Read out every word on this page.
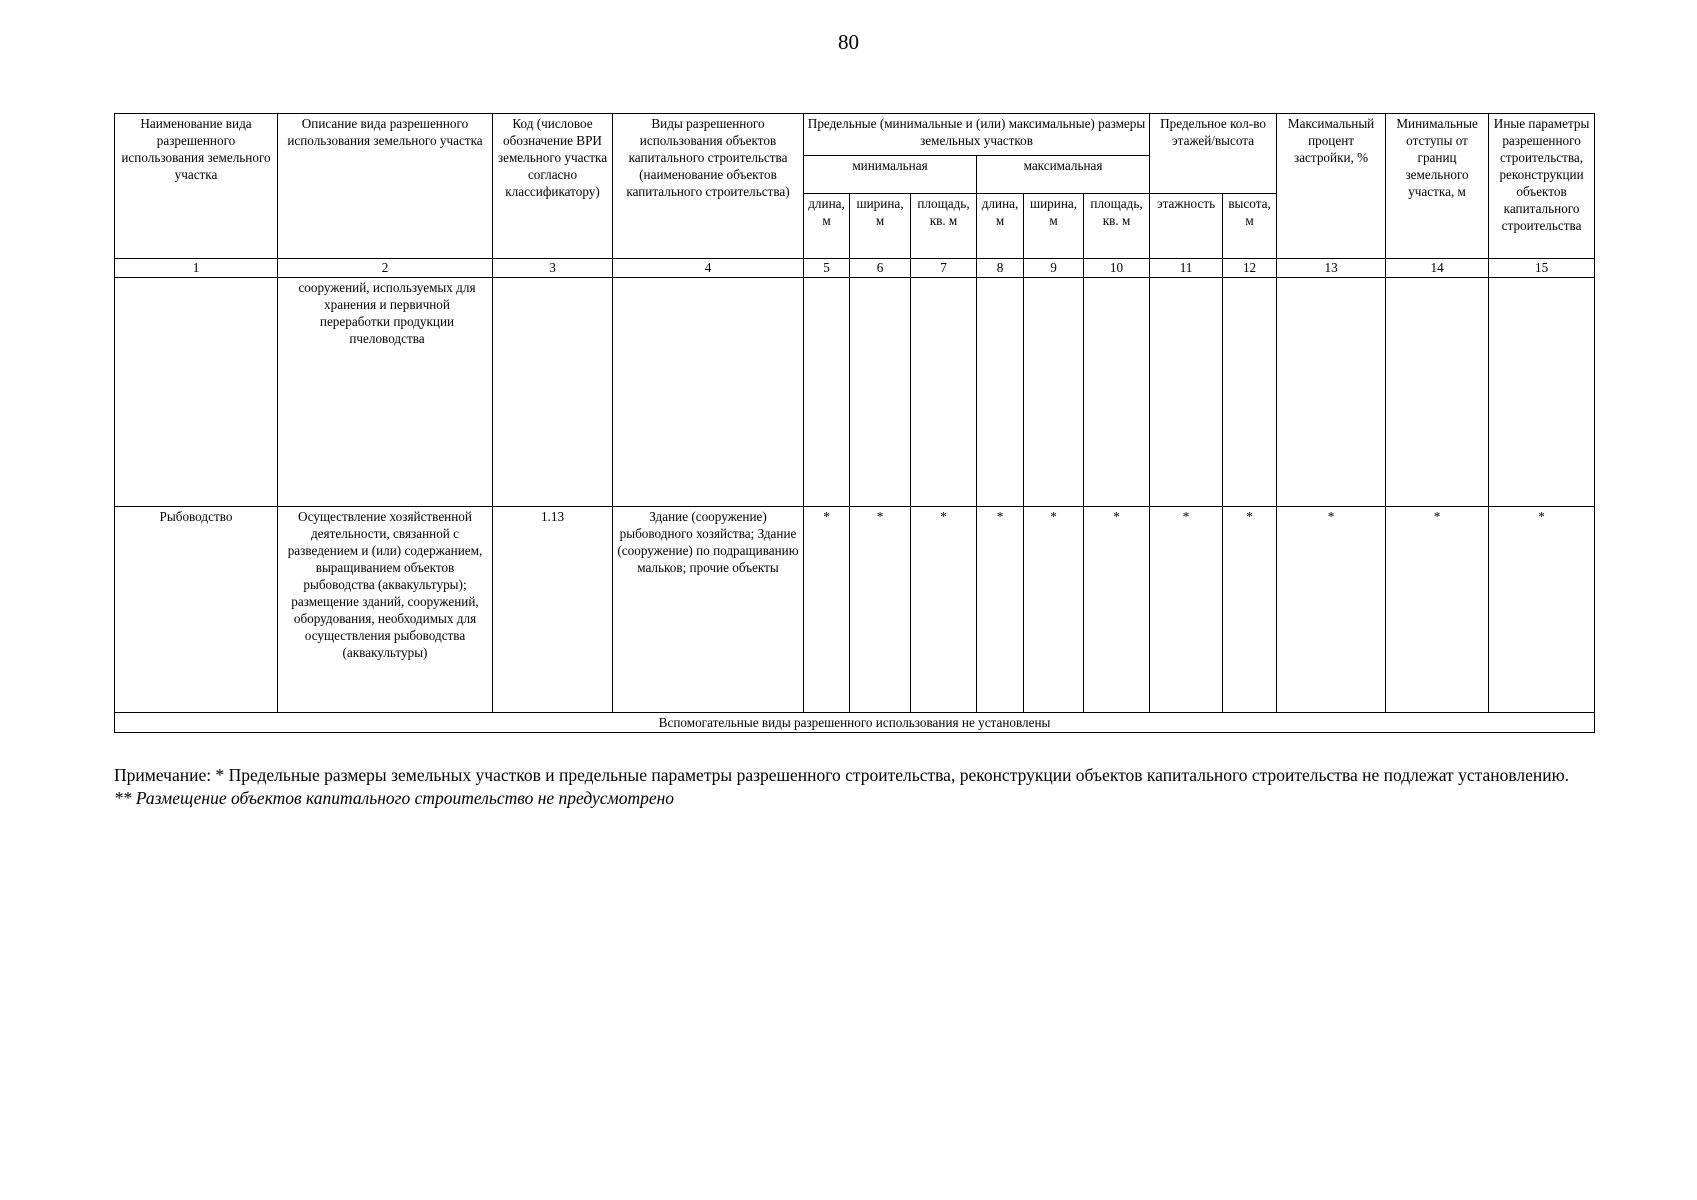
80
Наименование вида разрешенного использования земельного участка	Описание вида разрешенного использования земельного участка	Код (числовое обозначение ВРИ земельного участка согласно классификатору)	Виды разрешенного использования объектов капитального строительства (наименование объектов капитального строительства)	Предельные (минимальные и (или) максимальные) размеры земельных участков						Предельное кол-во этажей/высота		Максимальный процент застройки, %	Минимальные отступы от границ земельного участка, м	Иные параметры разрешенного строительства, реконструкции объектов капитального строительства
				минимальная			максимальная							
				длина, м	ширина, м	площадь, кв. м	длина, м	ширина, м	площадь, кв. м	этажность	высота, м			
1	2	3	4	5	6	7	8	9	10	11	12	13	14	15
	сооружений, используемых для хранения и первичной переработки продукции пчеловодства													
Рыбоводство	Осуществление хозяйственной деятельности, связанной с разведением и (или) содержанием, выращиванием объектов рыбоводства (аквакультуры); размещение зданий, сооружений, оборудования, необходимых для осуществления рыбоводства (аквакультуры)	1.13	Здание (сооружение) рыбоводного хозяйства; Здание (сооружение) по подращиванию мальков; прочие объекты	*	*	*	*	*	*	*	*	*	*	*
Вспомогательные виды разрешенного использования не установлены														
Примечание: * Предельные размеры земельных участков и предельные параметры разрешенного строительства, реконструкции объектов капитального строительства не подлежат установлению.
** Размещение объектов капитального строительство не предусмотрено
